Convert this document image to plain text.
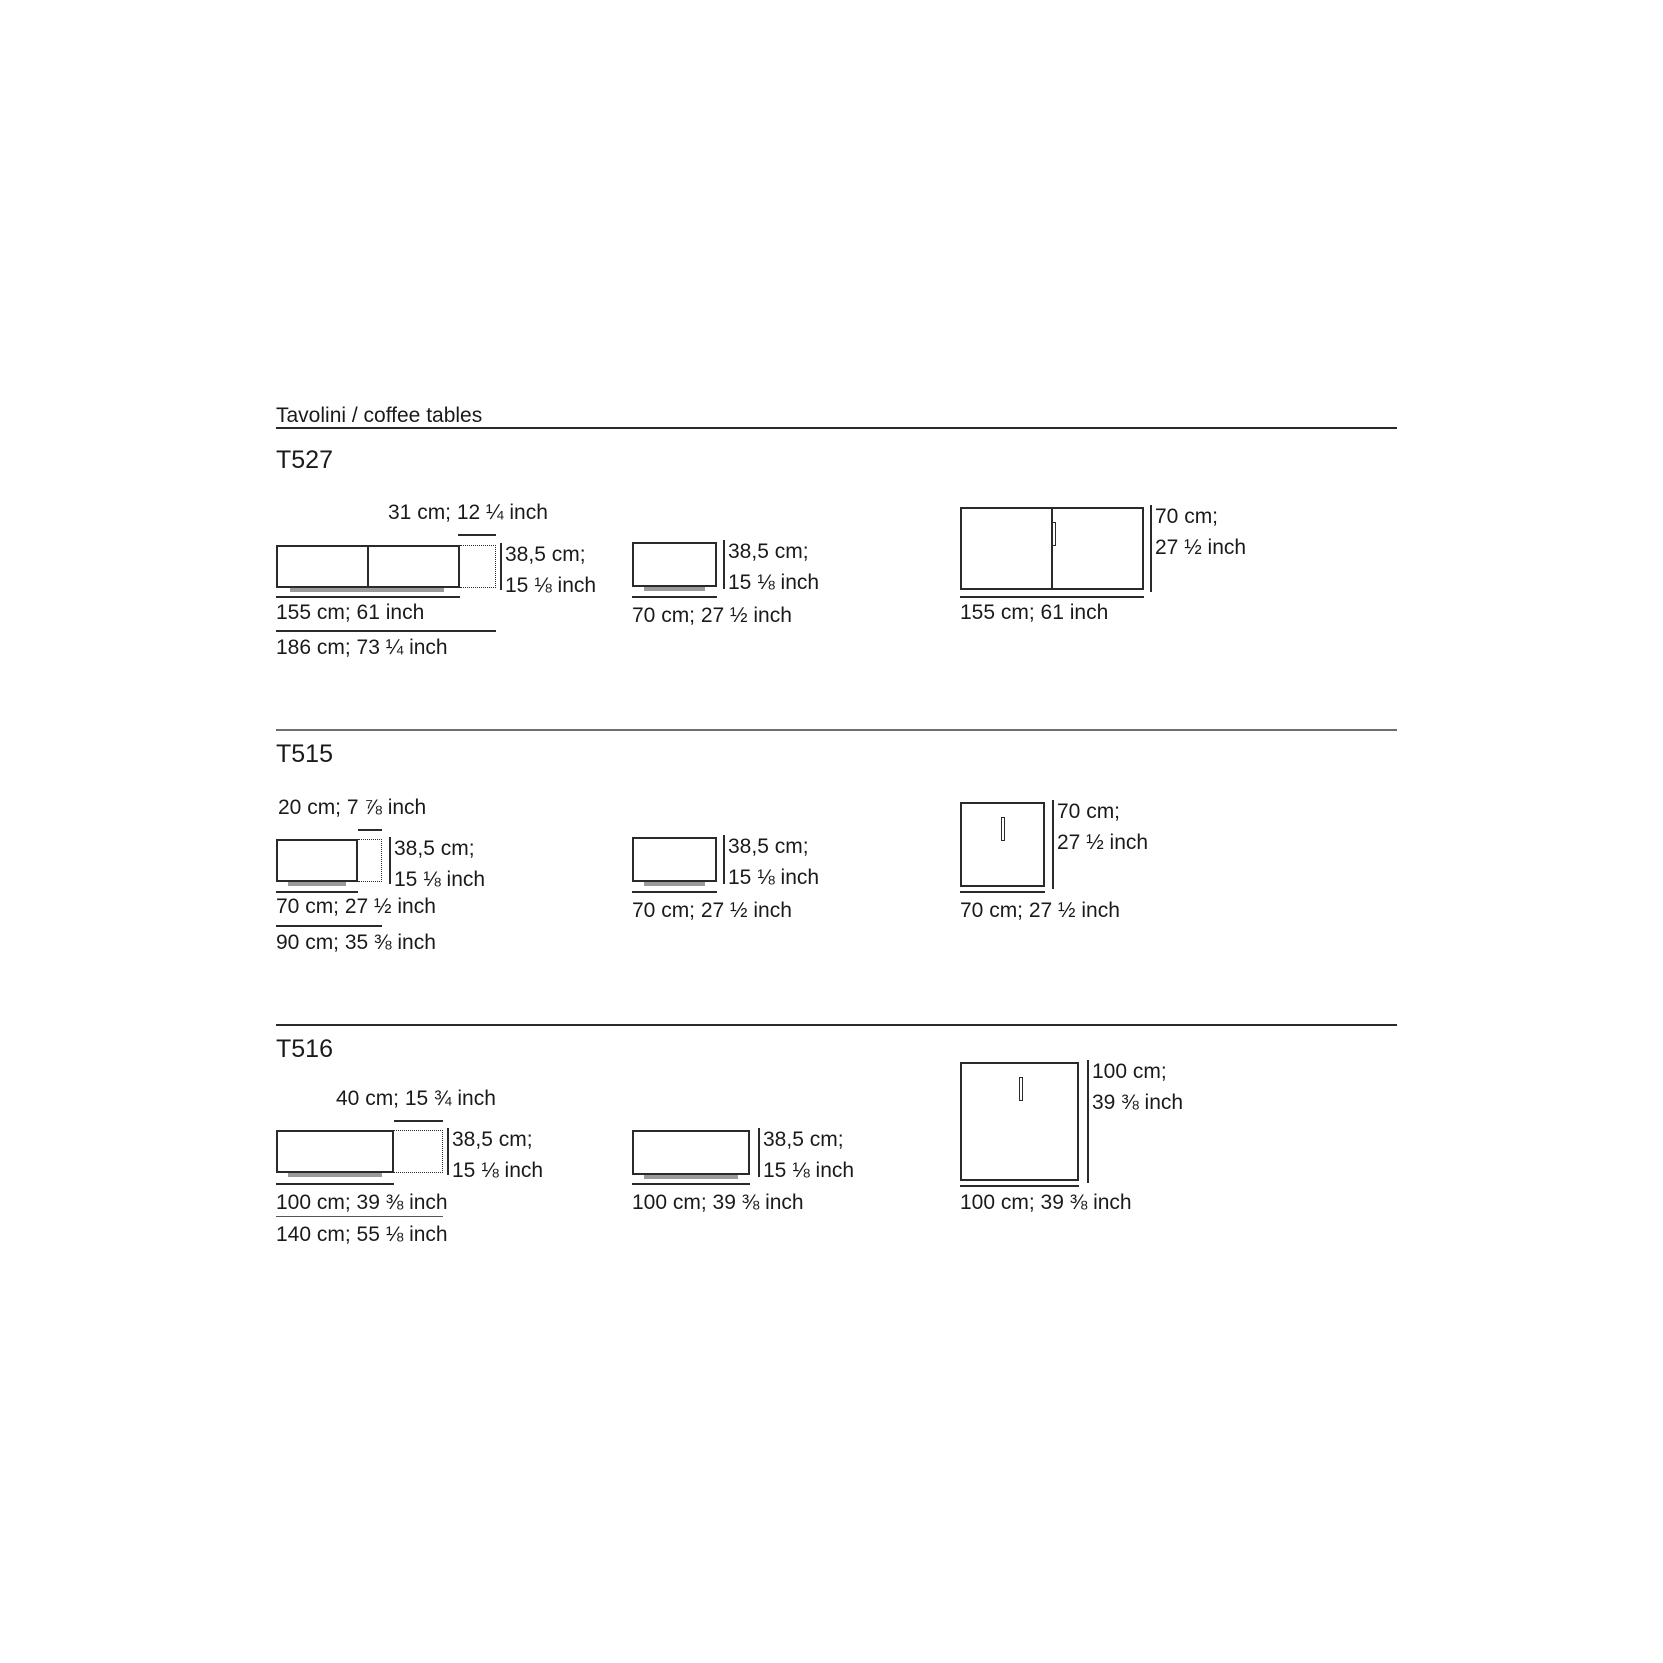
Tavolini / coffee tables
T527
31 cm; 12 ¼ inch
38,5 cm;
15 ⅛ inch
155 cm; 61 inch
186 cm; 73 ¼ inch
38,5 cm;
15 ⅛ inch
70 cm; 27 ½ inch
70 cm;
27 ½ inch
155 cm; 61 inch
T515
20 cm; 7 ⅞ inch
38,5 cm;
15 ⅛ inch
70 cm; 27 ½ inch
90 cm; 35 ⅜ inch
38,5 cm;
15 ⅛ inch
70 cm; 27 ½ inch
70 cm;
27 ½ inch
70 cm; 27 ½ inch
T516
40 cm; 15 ¾ inch
38,5 cm;
15 ⅛ inch
100 cm; 39 ⅜ inch
140 cm; 55 ⅛ inch
38,5 cm;
15 ⅛ inch
100 cm; 39 ⅜ inch
100 cm;
39 ⅜ inch
100 cm; 39 ⅜ inch
